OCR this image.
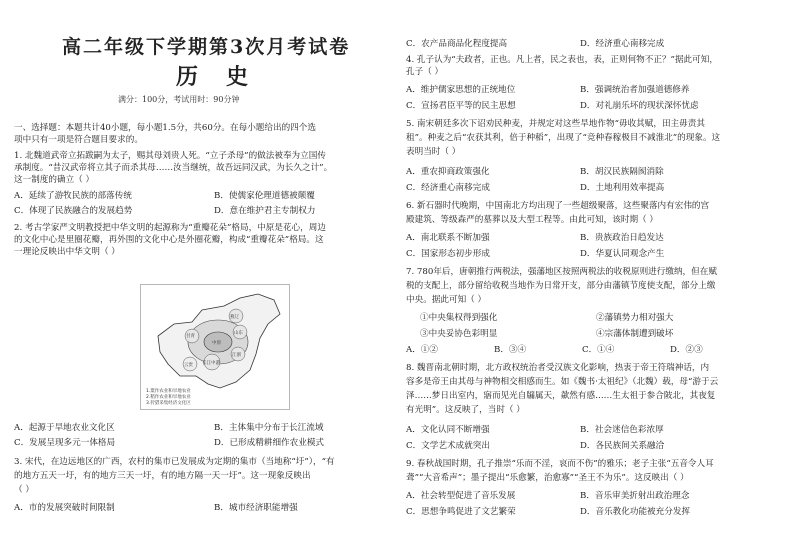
高二年级下学期第3次月考试卷
历史
满分：100分，考试用时：90分钟
一、选择题：本题共计40小题，每小题1.5分，共60分。在每小题给出的四个选
项中只有一项是符合题目要求的。
1. 北魏道武帝立拓跋嗣为太子，赐其母刘贵人死。“立子杀母”的做法被奉为立国传
承制度。“昔汉武帝将立其子而杀其母……汝当继统，故吾远同汉武，为长久之计”。
这一制度的确立（ ）
A．延续了游牧民族的部落传统	B．使儒家伦理道德被颠覆
C．体现了民族融合的发展趋势	D．意在维护君主专制权力
2. 考古学家严文明教授把中华文明的起源称为“重瓣花朵”格局，中原是花心，周边
的文化中心是里圈花瓣，再外围的文化中心是外圈花瓣，构成“重瓣花朵”格局。这
一理论反映出中华文明（ ）
甘青
中原
山东
燕辽
江浙
长江中游
云贵
1.粟作农业和旱地农业
2.稻作农业和旱地农业
3.狩猎采集经济文化区
A．起源于旱地农业文化区	B．主体集中分布于长江流域
C．发展呈现多元一体格局	D．已形成精耕细作农业模式
3. 宋代，在边远地区的广西，农村的集市已发展成为定期的集市（当地称“圩”），“有
的地方五天一圩，有的地方三天一圩，有的地方隔一天一圩”。这一现象反映出
（ ）
A．市的发展突破时间限制	B．城市经济职能增强
C．农产品商品化程度提高	D．经济重心南移完成
4. 孔子认为“夫政者，正也。凡上者，民之表也，表，正则何物不正？”据此可知，
孔子（ ）
A．维护儒家思想的正统地位	B．强调统治者加强道德修养
C．宣扬君臣平等的民主思想	D．对礼崩乐坏的现状深怀忧虑
5. 南宋朝廷多次下诏劝民种麦，并规定对这些旱地作物“毋收其赋，田主毋责其
租”。种麦之后“农获其利，倍于种稻”，出现了“竞种春稼极目不减淮北”的现象。这
表明当时（ ）
A．重农抑商政策强化	B．胡汉民族隔阂消除
C．经济重心南移完成	D．土地利用效率提高
6. 新石器时代晚期，中国南北方均出现了一些超级聚落，这些聚落内有宏伟的宫
殿建筑、等级森严的墓葬以及大型工程等。由此可知，该时期（ ）
A．南北联系不断加强	B．贵族政治日趋发达
C．国家形态初步形成	D．华夏认同观念产生
7. 780年后，唐朝推行两税法，强藩地区按照两税法的收税原则进行缴纳，但在赋
税的支配上，部分留给收税当地作为日常开支，部分由藩镇节度使支配，部分上缴
中央。据此可知（ ）
①中央集权得到强化	②藩镇势力相对强大
③中央妥协色彩明显	④宗藩体制遭到破坏
A．①②	B．③④	C．①④	D．②③
8. 魏晋南北朝时期，北方政权统治者受汉族文化影响，热衷于帝王符瑞神话，内
容多是帝王由其母与神物相交相感而生。如《魏书·太祖纪》（北魏）载，母“游于云
泽……梦日出室内，寤而见光自牖属天，歘然有感……生太祖于参合陂北，其夜复
有光明”。这反映了，当时（ ）
A．文化认同不断增强	B．社会迷信色彩浓厚
C．文学艺术成就突出	D．各民族间关系融洽
9. 春秋战国时期，孔子推崇“乐而不淫，哀而不伤”的雅乐；老子主张“五音令人耳
聋”“大音希声”；墨子提出“乐愈繁，治愈寡”“圣王不为乐”。这反映出（ ）
A．社会转型促进了音乐发展	B．音乐审美折射出政治理念
C．思想争鸣促进了文艺繁荣	D．音乐教化功能被充分发挥
